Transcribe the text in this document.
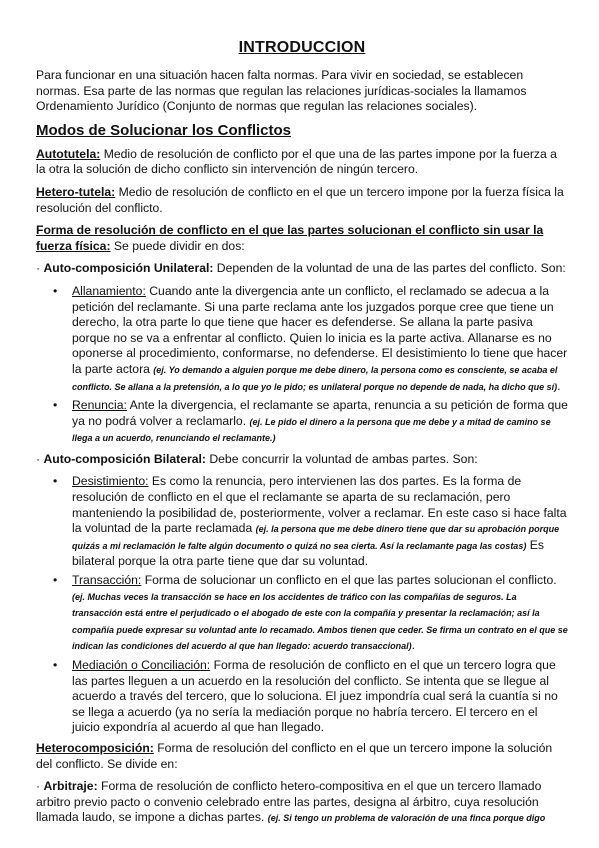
INTRODUCCION

Para funcionar en una situación hacen falta normas. Para vivir en sociedad, se establecen normas. Esa parte de las normas que regulan las relaciones jurídicas-sociales la llamamos Ordenamiento Jurídico (Conjunto de normas que regulan las relaciones sociales).

Modos de Solucionar los Conflictos

Autotutela: Medio de resolución de conflicto por el que una de las partes impone por la fuerza a la otra la solución de dicho conflicto sin intervención de ningún tercero.

Hetero-tutela: Medio de resolución de conflicto en el que un tercero impone por la fuerza física la resolución del conflicto.

Forma de resolución de conflicto en el que las partes solucionan el conflicto sin usar la fuerza física: Se puede dividir en dos:

· Auto-composición Unilateral: Dependen de la voluntad de una de las partes del conflicto. Son:

• Allanamiento: Cuando ante la divergencia ante un conflicto, el reclamado se adecua a la petición del reclamante. Si una parte reclama ante los juzgados porque cree que tiene un derecho, la otra parte lo que tiene que hacer es defenderse. Se allana la parte pasiva porque no se va a enfrentar al conflicto. Quien lo inicia es la parte activa. Allanarse es no oponerse al procedimiento, conformarse, no defenderse. El desistimiento lo tiene que hacer la parte actora (ej. Yo demando a alguien porque me debe dinero, la persona como es consciente, se acaba el conflicto. Se allana a la pretensión, a lo que yo le pido; es unilateral porque no depende de nada, ha dicho que sí).
• Renuncia: Ante la divergencia, el reclamante se aparta, renuncia a su petición de forma que ya no podrá volver a reclamarlo. (ej. Le pido el dinero a la persona que me debe y a mitad de camino se llega a un acuerdo, renunciando el reclamante.)

· Auto-composición Bilateral: Debe concurrir la voluntad de ambas partes. Son:

• Desistimiento: Es como la renuncia, pero intervienen las dos partes. Es la forma de resolución de conflicto en el que el reclamante se aparta de su reclamación, pero manteniendo la posibilidad de, posteriormente, volver a reclamar. En este caso si hace falta la voluntad de la parte reclamada (ej. la persona que me debe dinero tiene que dar su aprobación porque quizás a mi reclamación le falte algún documento o quizá no sea cierta. Así la reclamante paga las costas) Es bilateral porque la otra parte tiene que dar su voluntad.
• Transacción: Forma de solucionar un conflicto en el que las partes solucionan el conflicto. (ej. Muchas veces la transacción se hace en los accidentes de tráfico con las compañías de seguros. La transacción está entre el perjudicado o el abogado de este con la compañía y presentar la reclamación; así la compañía puede expresar su voluntad ante lo recamado. Ambos tienen que ceder. Se firma un contrato en el que se indican las condiciones del acuerdo al que han llegado: acuerdo transaccional).
• Mediación o Conciliación: Forma de resolución de conflicto en el que un tercero logra que las partes lleguen a un acuerdo en la resolución del conflicto. Se intenta que se llegue al acuerdo a través del tercero, que lo soluciona. El juez impondría cual será la cuantía si no se llega a acuerdo (ya no sería la mediación porque no habría tercero. El tercero en el juicio expondría al acuerdo al que han llegado.

Heterocomposición: Forma de resolución del conflicto en el que un tercero impone la solución del conflicto. Se divide en:

· Arbitraje: Forma de resolución de conflicto hetero-compositiva en el que un tercero llamado arbitro previo pacto o convenio celebrado entre las partes, designa al árbitro, cuya resolución llamada laudo, se impone a dichas partes. (ej. Si tengo un problema de valoración de una finca porque digo
